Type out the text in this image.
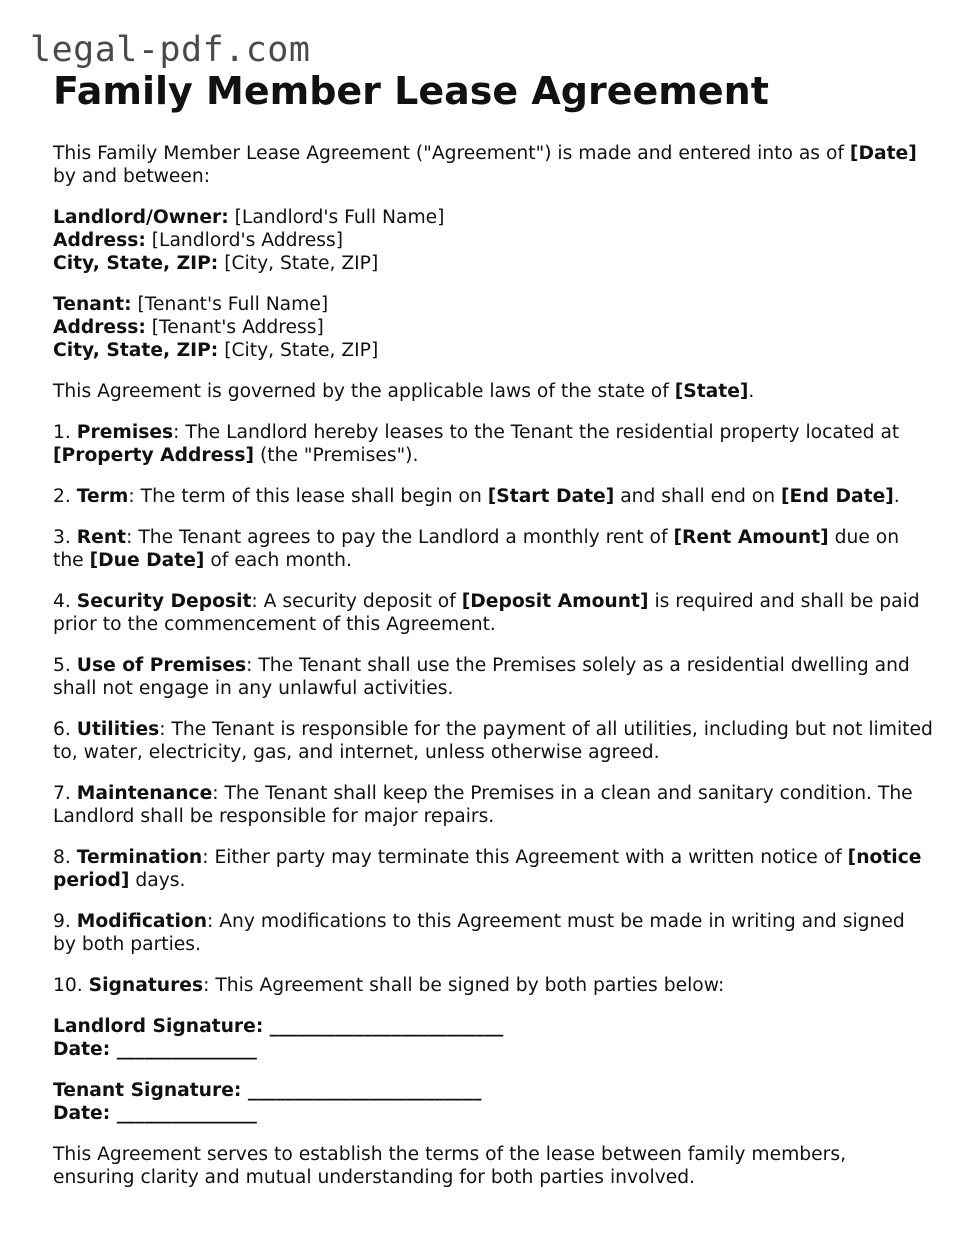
legal-pdf.com
Family Member Lease Agreement

This Family Member Lease Agreement ("Agreement") is made and entered into as of [Date] by and between:

Landlord/Owner: [Landlord's Full Name]
Address: [Landlord's Address]
City, State, ZIP: [City, State, ZIP]
Tenant: [Tenant's Full Name]
Address: [Tenant's Address]
City, State, ZIP: [City, State, ZIP]

This Agreement is governed by the applicable laws of the state of [State].

1. Premises: The Landlord hereby leases to the Tenant the residential property located at [Property Address] (the "Premises").

2. Term: The term of this lease shall begin on [Start Date] and shall end on [End Date].

3. Rent: The Tenant agrees to pay the Landlord a monthly rent of [Rent Amount] due on the [Due Date] of each month.

4. Security Deposit: A security deposit of [Deposit Amount] is required and shall be paid prior to the commencement of this Agreement.

5. Use of Premises: The Tenant shall use the Premises solely as a residential dwelling and shall not engage in any unlawful activities.

6. Utilities: The Tenant is responsible for the payment of all utilities, including but not limited to, water, electricity, gas, and internet, unless otherwise agreed.

7. Maintenance: The Tenant shall keep the Premises in a clean and sanitary condition. The Landlord shall be responsible for major repairs.

8. Termination: Either party may terminate this Agreement with a written notice of [notice period] days.

9. Modification: Any modifications to this Agreement must be made in writing and signed by both parties.

10. Signatures: This Agreement shall be signed by both parties below:

Landlord Signature: _________________________
Date: _______________
Tenant Signature: _________________________
Date: _______________

This Agreement serves to establish the terms of the lease between family members, ensuring clarity and mutual understanding for both parties involved.
